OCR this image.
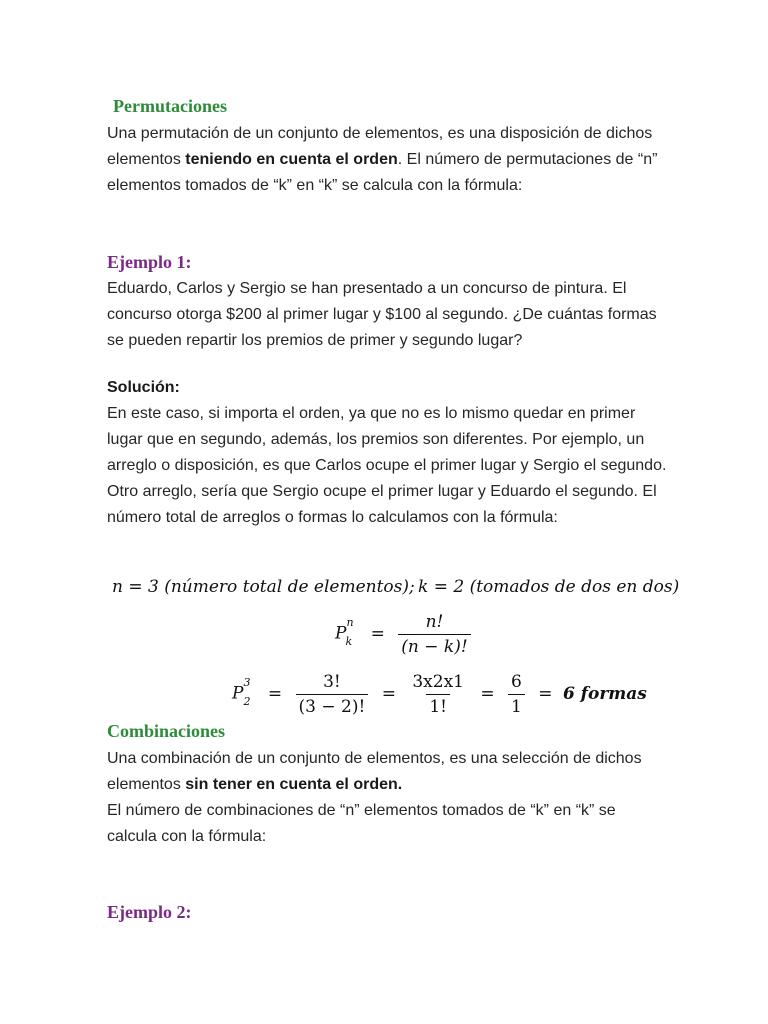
Permutaciones

Una permutación de un conjunto de elementos, es una disposición de dichos elementos teniendo en cuenta el orden. El número de permutaciones de “n” elementos tomados de “k” en “k” se calcula con la fórmula:

Ejemplo 1:

Eduardo, Carlos y Sergio se han presentado a un concurso de pintura. El concurso otorga $200 al primer lugar y $100 al segundo. ¿De cuántas formas se pueden repartir los premios de primer y segundo lugar?

Solución:

En este caso, si importa el orden, ya que no es lo mismo quedar en primer lugar que en segundo, además, los premios son diferentes. Por ejemplo, un arreglo o disposición, es que Carlos ocupe el primer lugar y Sergio el segundo. Otro arreglo, sería que Sergio ocupe el primer lugar y Eduardo el segundo. El número total de arreglos o formas lo calculamos con la fórmula:

n = 3 (número total de elementos); k = 2 (tomados de dos en dos)
$P^n_k = \frac{n!}{(n - k)!}$
$P^3_2 = \frac{3!}{(3 - 2)!} = \frac{3x2x1}{1!} = \frac{6}{1} = 6$ formas
Combinaciones

Una combinación de un conjunto de elementos, es una selección de dichos elementos sin tener en cuenta el orden.

El número de combinaciones de “n” elementos tomados de “k” en “k” se calcula con la fórmula:

Ejemplo 2:
